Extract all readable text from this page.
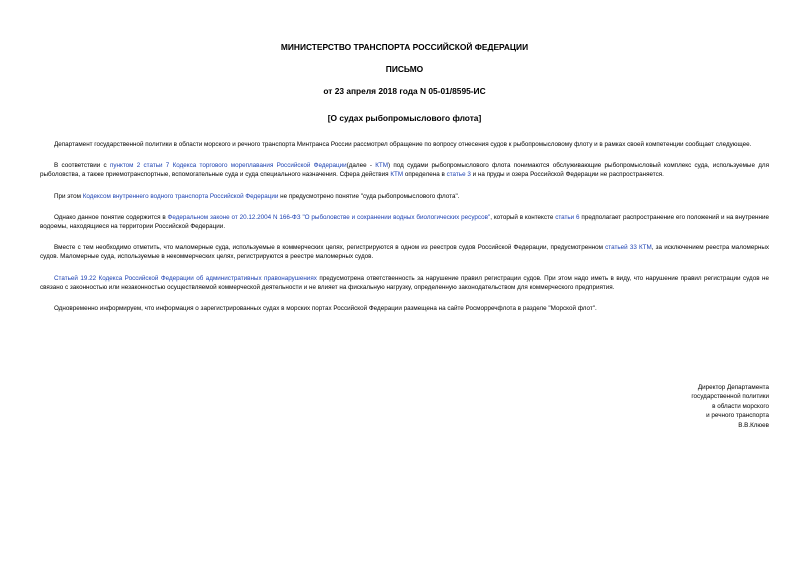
МИНИСТЕРСТВО ТРАНСПОРТА РОССИЙСКОЙ ФЕДЕРАЦИИ
ПИСЬМО
от 23 апреля 2018 года N 05-01/8595-ИС
[О судах рыбопромыслового флота]

Департамент государственной политики в области морского и речного транспорта Минтранса России рассмотрел обращение по вопросу отнесения судов к рыбопромысловому флоту и в рамках своей компетенции сообщает следующее.

В соответствии с пунктом 2 статьи 7 Кодекса торгового мореплавания Российской Федерации(далее - КТМ) под судами рыбопромыслового флота понимаются обслуживающие рыбопромысловый комплекс суда, используемые для рыболовства, а также приемотранспортные, вспомогательные суда и суда специального назначения. Сфера действия КТМ определена в статье 3 и на пруды и озера Российской Федерации не распространяется.

При этом Кодексом внутреннего водного транспорта Российской Федерации не предусмотрено понятие "суда рыбопромыслового флота".

Однако данное понятие содержится в Федеральном законе от 20.12.2004 N 166-ФЗ "О рыболовстве и сохранении водных биологических ресурсов", который в контексте статьи 6 предполагает распространение его положений и на внутренние водоемы, находящиеся на территории Российской Федерации.

Вместе с тем необходимо отметить, что маломерные суда, используемые в коммерческих целях, регистрируются в одном из реестров судов Российской Федерации, предусмотренном статьей 33 КТМ, за исключением реестра маломерных судов. Маломерные суда, используемые в некоммерческих целях, регистрируются в реестре маломерных судов.

Статьей 19.22 Кодекса Российской Федерации об административных правонарушениях предусмотрена ответственность за нарушение правил регистрации судов. При этом надо иметь в виду, что нарушение правил регистрации судов не связано с законностью или незаконностью осуществляемой коммерческой деятельности и не влияет на фискальную нагрузку, определенную законодательством для коммерческого предприятия.

Одновременно информируем, что информация о зарегистрированных судах в морских портах Российской Федерации размещена на сайте Росморречфлота в разделе "Морской флот".

Директор Департамента
государственной политики
в области морского
и речного транспорта
В.В.Клюев
